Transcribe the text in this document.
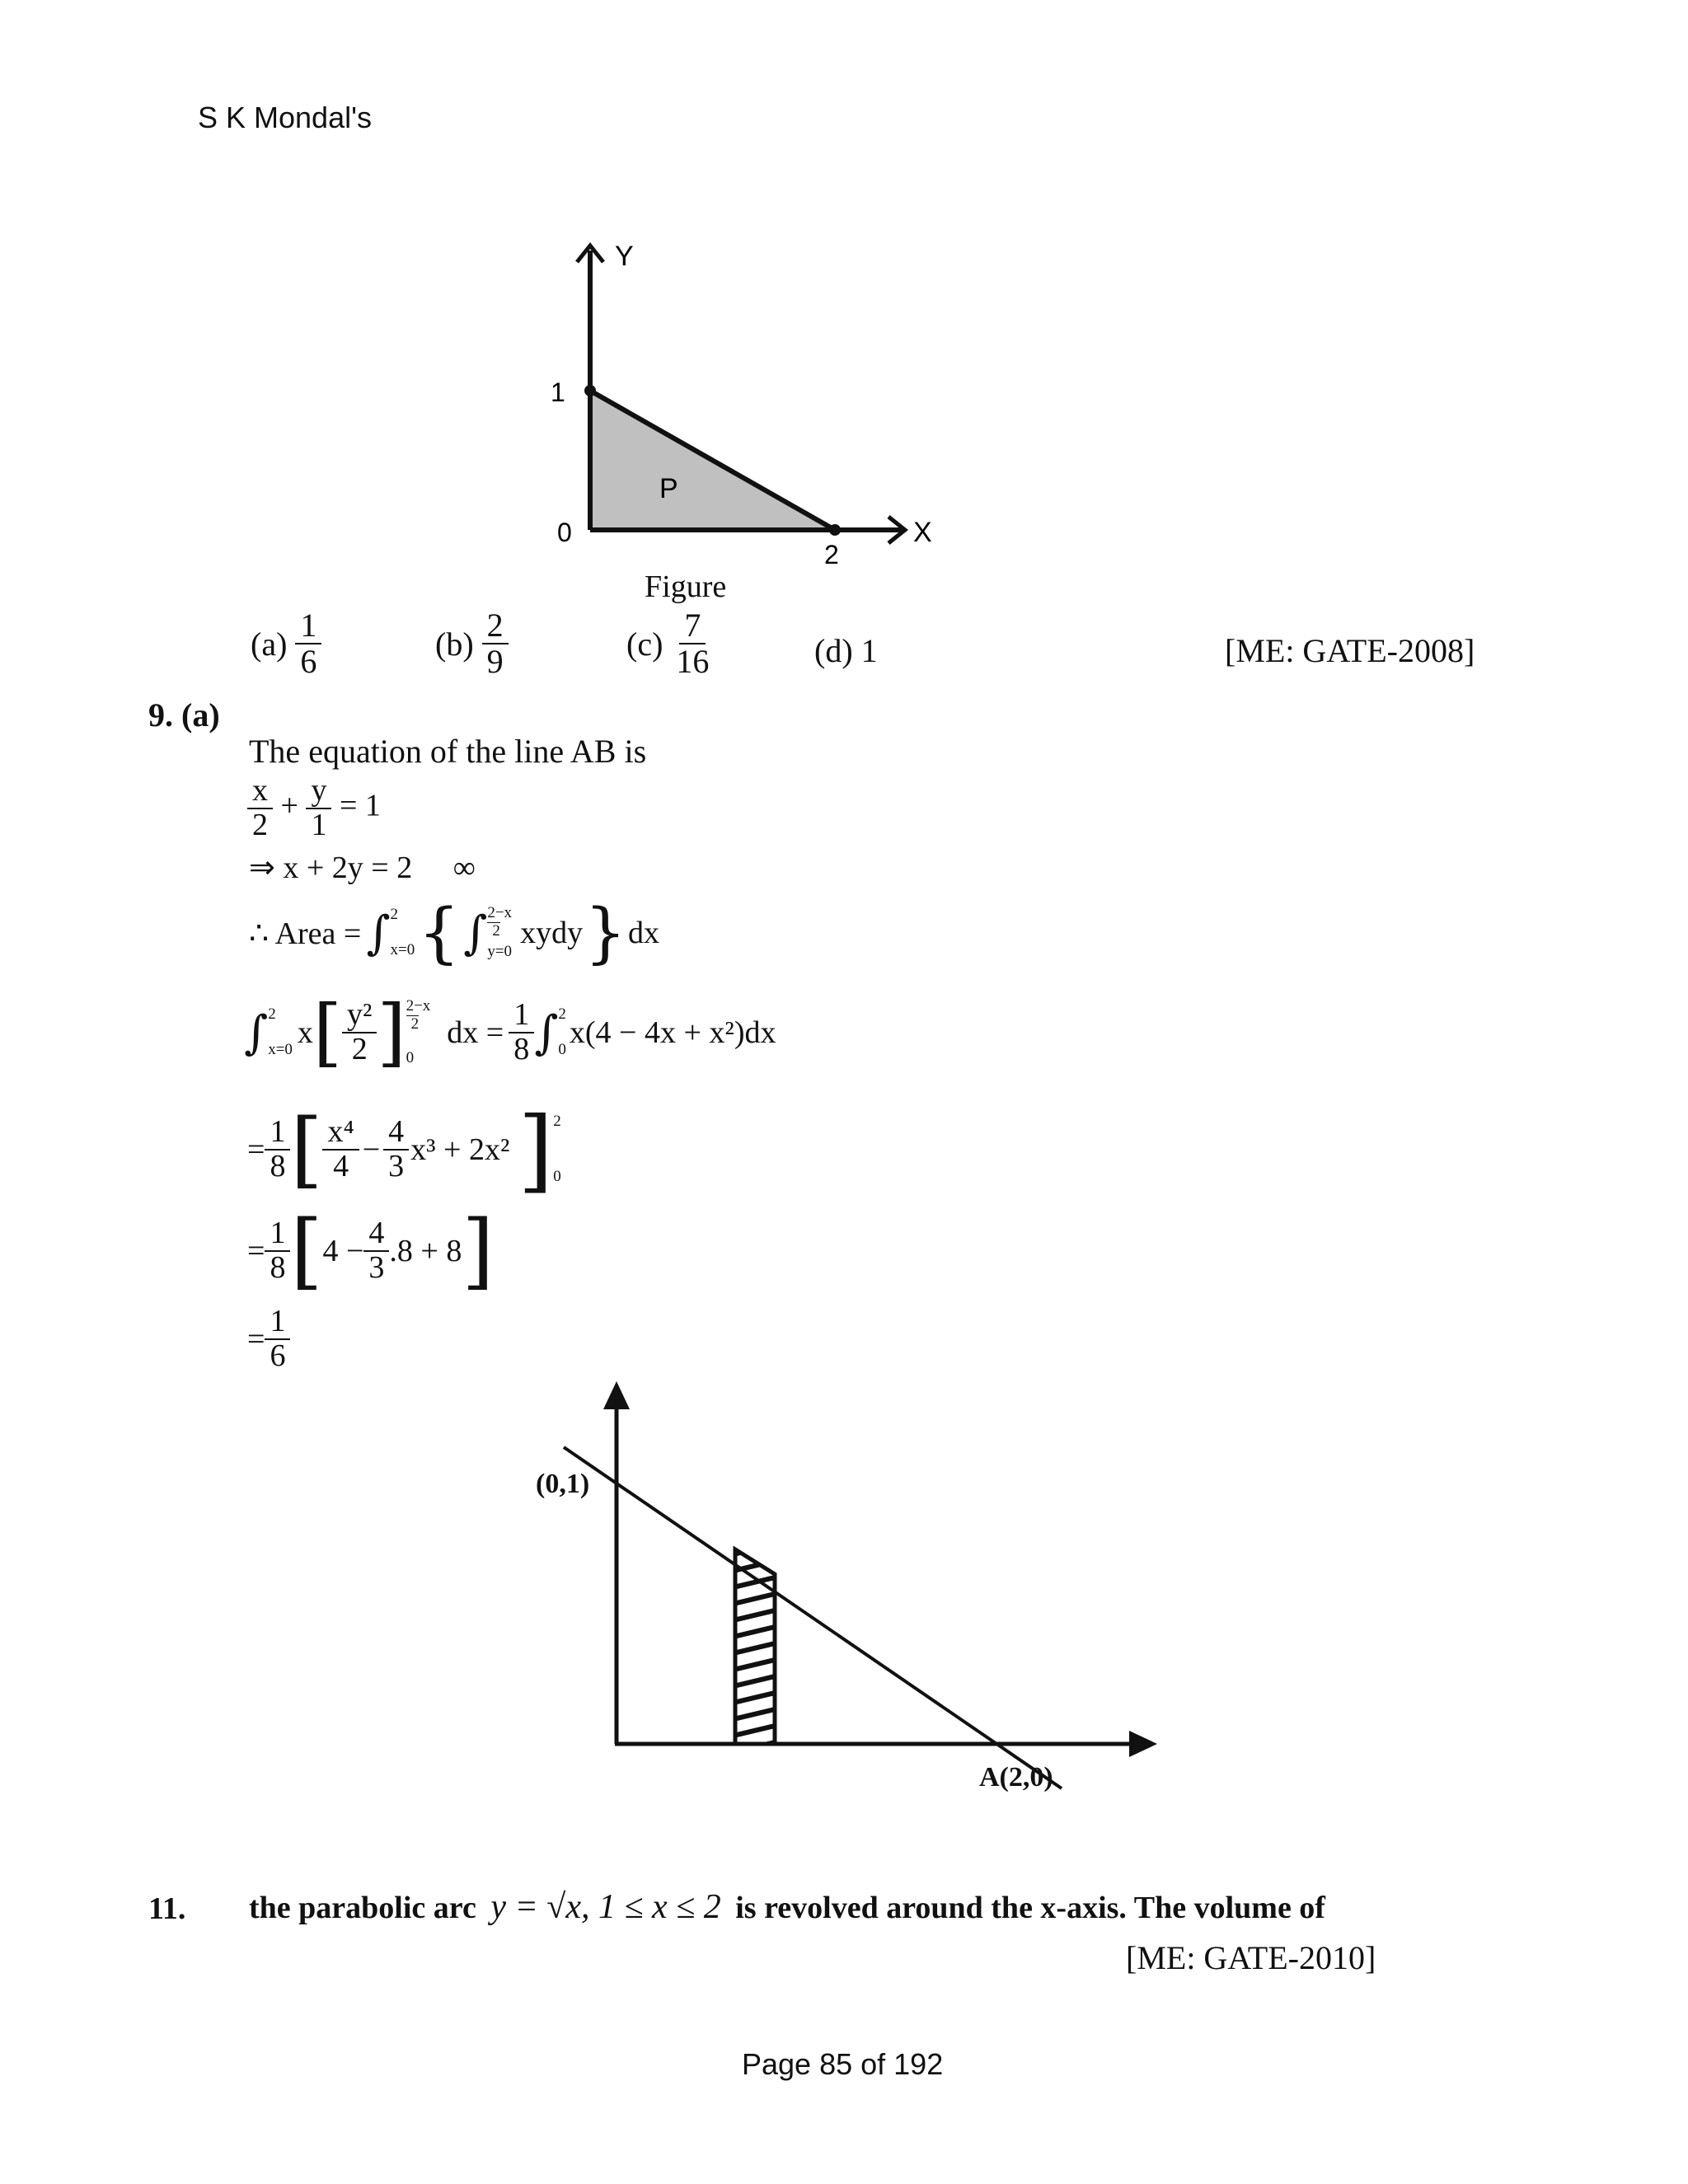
S K Mondal's
Y
X
1
0
2
P
Figure
$(a) \frac{1}{6}$	$(b) \frac{2}{9}$	$(c) \frac{7}{16}$	(d) 1	[ME: GATE-2008]
9. (a)
The equation of the line AB is
$\frac{x}{2} + \frac{y}{1} = 1$
⇒ x + 2y = 2 ∞
∴ Area = ∫ 2
x=0 { ∫ 2−x
2
y=0
xydy } dx
∫ 2
x=0 x [ $\frac{\text{y²}}{2}$ ] 2−x
2
0
dx = $\frac{1}{8}$ ∫ 2
0 x(4 − 4x + x²)dx
= $\frac{1}{8}$ [ $\frac{\text{x⁴}}{4} - \frac{4}{3} x^3 + 2x^2$ ] 2
0
= $\frac{1}{8}$ [ $4 - \frac{4}{3} .8 + 8$ ]
= $\frac{1}{6}$
(0,1)
A(2,0)
11. the parabolic arc y = √x, 1 ≤ x ≤ 2 is revolved around the x-axis. The volume of
[ME: GATE-2010]
Page 85 of 192
